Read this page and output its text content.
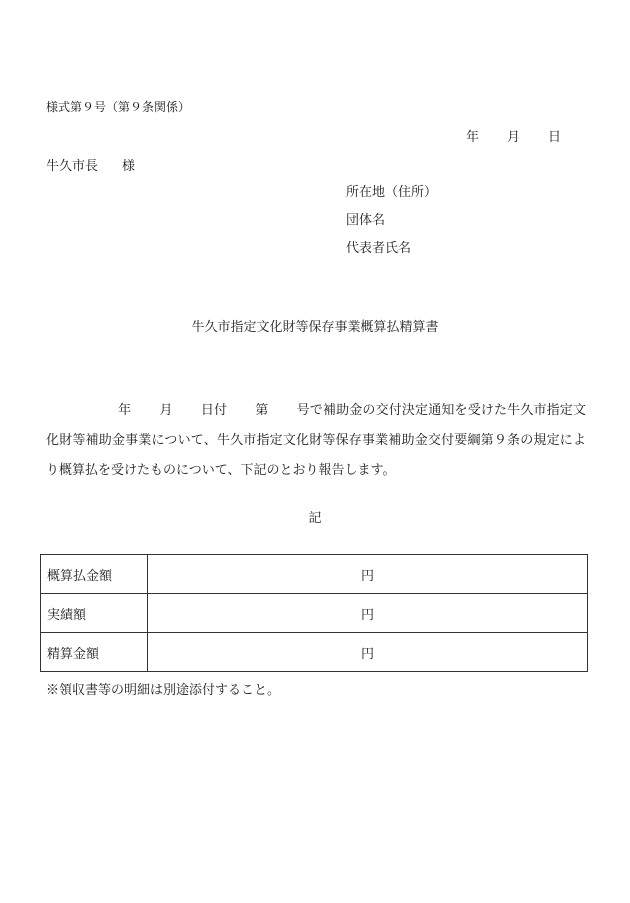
様式第９号（第９条関係）
年 月 日
牛久市長 様
所在地（住所）
団体名
代表者氏名
牛久市指定文化財等保存事業概算払精算書
年 月 日付 第 号で補助金の交付決定通知を受けた牛久市指定文化財等補助金事業について、牛久市指定文化財等保存事業補助金交付要綱第９条の規定により概算払を受けたものについて、下記のとおり報告します。
記
概算払金額	円
実績額	円
精算金額	円
※領収書等の明細は別途添付すること。
